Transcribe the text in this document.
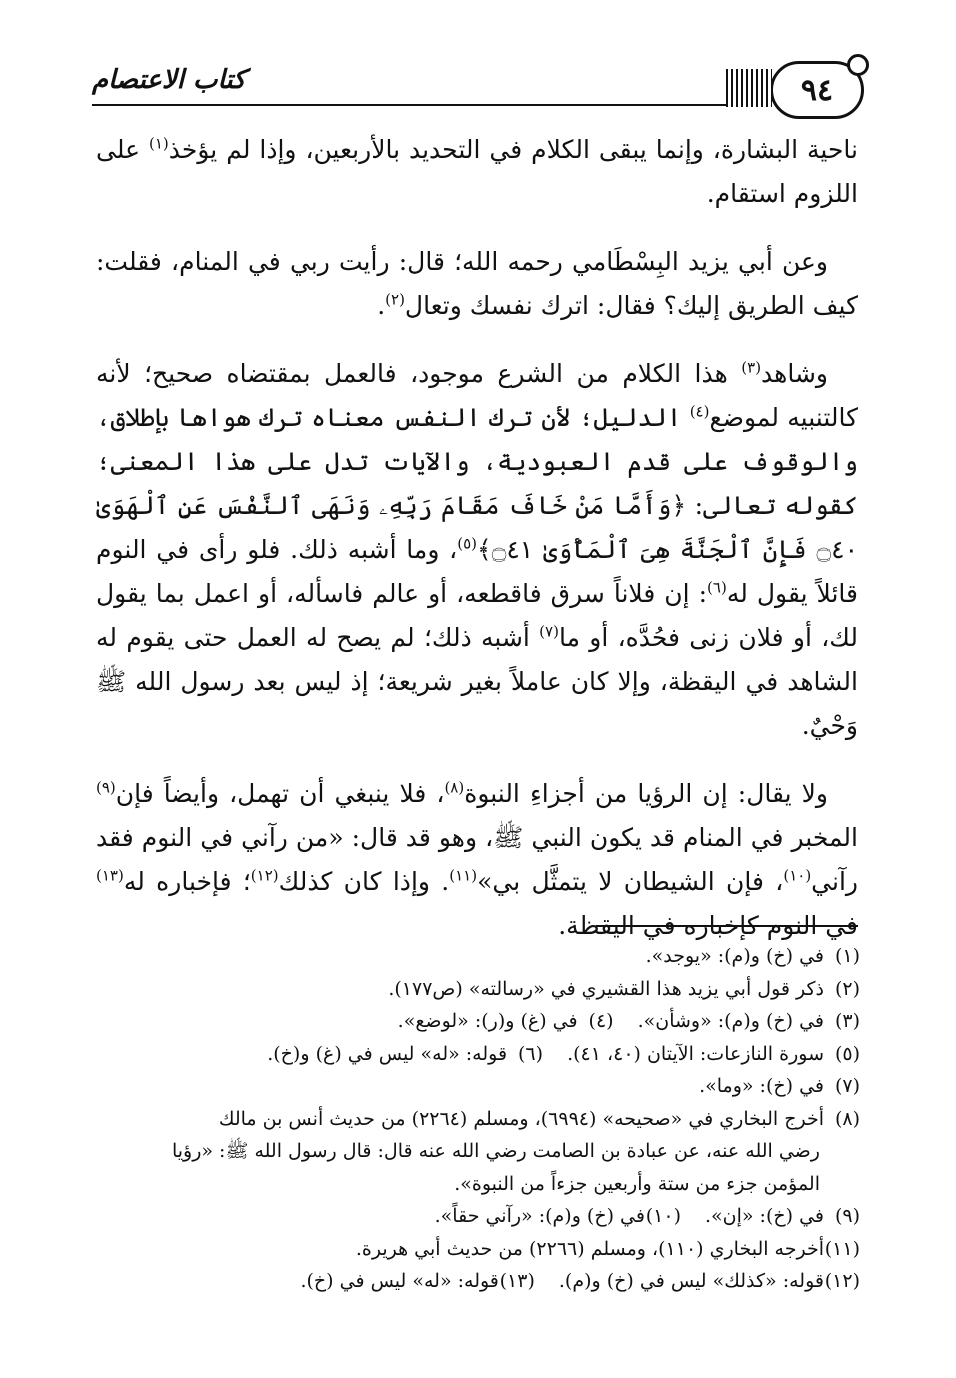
٩٤
كتاب الاعتصام

ناحية البشارة، وإنما يبقى الكلام في التحديد بالأربعين، وإذا لم يؤخذ$^{(١)}$ على اللزوم استقام.

وعن أبي يزيد البِسْطَامي رحمه الله؛ قال: رأيت ربي في المنام، فقلت: كيف الطريق إليك؟ فقال: اترك نفسك وتعال$^{(٢)}$.

وشاهد$^{(٣)}$ هذا الكلام من الشرع موجود، فالعمل بمقتضاه صحيح؛ لأنه كالتنبيه لموضع$^{(٤)}$ الدليل؛ لأن ترك النفس معناه ترك هواها بإطلاق، والوقوف على قدم العبودية، والآيات تدل على هذا المعنى؛ كقوله تعالى: ﴿وَأَمَّا مَنْ خَافَ مَقَامَ رَبِّهِۦ وَنَهَى ٱلنَّفْسَ عَنِ ٱلْهَوَىٰ ۝٤٠ فَإِنَّ ٱلْجَنَّةَ هِىَ ٱلْمَأْوَىٰ ۝٤١﴾$^{(٥)}$، وما أشبه ذلك. فلو رأى في النوم قائلاً يقول له$^{(٦)}$: إن فلاناً سرق فاقطعه، أو عالم فاسأله، أو اعمل بما يقول لك، أو فلان زنى فحُدَّه، أو ما$^{(٧)}$ أشبه ذلك؛ لم يصح له العمل حتى يقوم له الشاهد في اليقظة، وإلا كان عاملاً بغير شريعة؛ إذ ليس بعد رسول الله ﷺ وَحْيٌ.

ولا يقال: إن الرؤيا من أجزاءِ النبوة$^{(٨)}$، فلا ينبغي أن تهمل، وأيضاً فإن$^{(٩)}$ المخبر في المنام قد يكون النبي ﷺ، وهو قد قال: «من رآني في النوم فقد رآني$^{(١٠)}$، فإن الشيطان لا يتمثَّل بي»$^{(١١)}$. وإذا كان كذلك$^{(١٢)}$؛ فإخباره له$^{(١٣)}$ في النوم كإخباره في اليقظة.

(١)في (خ) و(م): «يوجد».
(٢)ذكر قول أبي يزيد هذا القشيري في «رسالته» (ص١٧٧).
(٣)في (خ) و(م): «وشأن».(٤)في (غ) و(ر): «لوضع».
(٥)سورة النازعات: الآيتان (٤٠، ٤١).(٦)قوله: «له» ليس في (غ) و(خ).
(٧)في (خ): «وما».
(٨)أخرج البخاري في «صحيحه» (٦٩٩٤)، ومسلم (٢٢٦٤) من حديث أنس بن مالك
رضي الله عنه، عن عبادة بن الصامت رضي الله عنه قال: قال رسول الله ﷺ: «رؤيا
المؤمن جزء من ستة وأربعين جزءاً من النبوة».
(٩)في (خ): «إن».(١٠)في (خ) و(م): «رآني حقاً».
(١١)أخرجه البخاري (١١٠)، ومسلم (٢٢٦٦) من حديث أبي هريرة.
(١٢)قوله: «كذلك» ليس في (خ) و(م).(١٣)قوله: «له» ليس في (خ).
